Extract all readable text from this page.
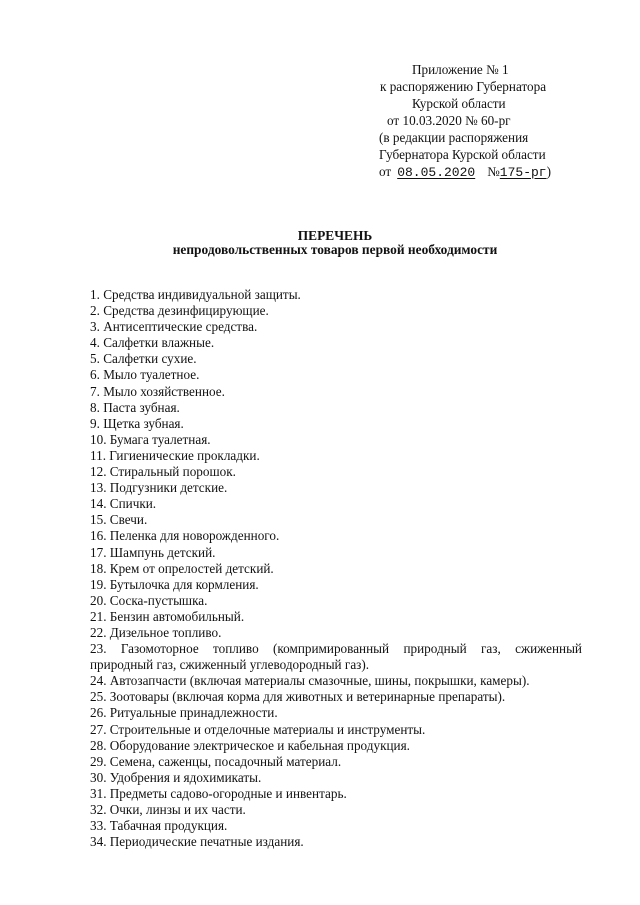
Приложение № 1
к распоряжению Губернатора
Курской области
от 10.03.2020 № 60-рг
(в редакции распоряжения
Губернатора Курской области
от 08.05.2020 №175-рг)
ПЕРЕЧЕНЬ
непродовольственных товаров первой необходимости
1. Средства индивидуальной защиты.
2. Средства дезинфицирующие.
3. Антисептические средства.
4. Салфетки влажные.
5. Салфетки сухие.
6. Мыло туалетное.
7. Мыло хозяйственное.
8. Паста зубная.
9. Щетка зубная.
10. Бумага туалетная.
11. Гигиенические прокладки.
12. Стиральный порошок.
13. Подгузники детские.
14. Спички.
15. Свечи.
16. Пеленка для новорожденного.
17. Шампунь детский.
18. Крем от опрелостей детский.
19. Бутылочка для кормления.
20. Соска-пустышка.
21. Бензин автомобильный.
22. Дизельное топливо.
23. Газомоторное топливо (компримированный природный газ, сжиженный природный газ, сжиженный углеводородный газ).
24. Автозапчасти (включая материалы смазочные, шины, покрышки, камеры).
25. Зоотовары (включая корма для животных и ветеринарные препараты).
26. Ритуальные принадлежности.
27. Строительные и отделочные материалы и инструменты.
28. Оборудование электрическое и кабельная продукция.
29. Семена, саженцы, посадочный материал.
30. Удобрения и ядохимикаты.
31. Предметы садово-огородные и инвентарь.
32. Очки, линзы и их части.
33. Табачная продукция.
34. Периодические печатные издания.
